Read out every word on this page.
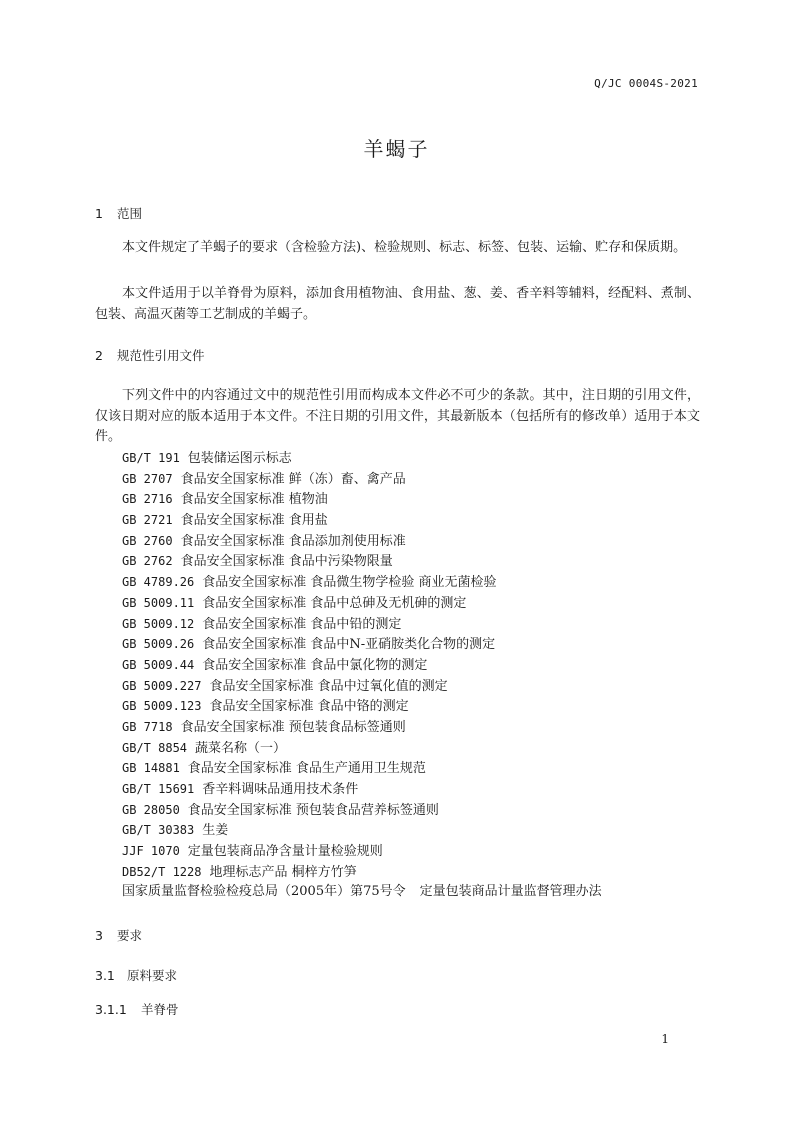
Q/JC 0004S-2021
羊蝎子
1 范围

本文件规定了羊蝎子的要求（含检验方法)、检验规则、标志、标签、包装、运输、贮存和保质期。

本文件适用于以羊脊骨为原料，添加食用植物油、食用盐、葱、姜、香辛料等辅料，经配料、煮制、包装、高温灭菌等工艺制成的羊蝎子。

2 规范性引用文件

下列文件中的内容通过文中的规范性引用而构成本文件必不可少的条款。其中，注日期的引用文件，仅该日期对应的版本适用于本文件。不注日期的引用文件，其最新版本（包括所有的修改单）适用于本文件。

GB/T 191 包装储运图示标志
GB 2707 食品安全国家标准 鲜（冻）畜、禽产品
GB 2716 食品安全国家标准 植物油
GB 2721 食品安全国家标准 食用盐
GB 2760 食品安全国家标准 食品添加剂使用标准
GB 2762 食品安全国家标准 食品中污染物限量
GB 4789.26 食品安全国家标准 食品微生物学检验 商业无菌检验
GB 5009.11 食品安全国家标准 食品中总砷及无机砷的测定
GB 5009.12 食品安全国家标准 食品中铅的测定
GB 5009.26 食品安全国家标准 食品中N-亚硝胺类化合物的测定
GB 5009.44 食品安全国家标准 食品中氯化物的测定
GB 5009.227 食品安全国家标准 食品中过氧化值的测定
GB 5009.123 食品安全国家标准 食品中铬的测定
GB 7718 食品安全国家标准 预包装食品标签通则
GB/T 8854 蔬菜名称（一）
GB 14881 食品安全国家标准 食品生产通用卫生规范
GB/T 15691 香辛料调味品通用技术条件
GB 28050 食品安全国家标准 预包装食品营养标签通则
GB/T 30383 生姜
JJF 1070 定量包装商品净含量计量检验规则
DB52/T 1228 地理标志产品 桐梓方竹笋
国家质量监督检验检疫总局（2005年）第75号令 定量包装商品计量监督管理办法
3 要求
3.1 原料要求
3.1.1 羊脊骨
1
